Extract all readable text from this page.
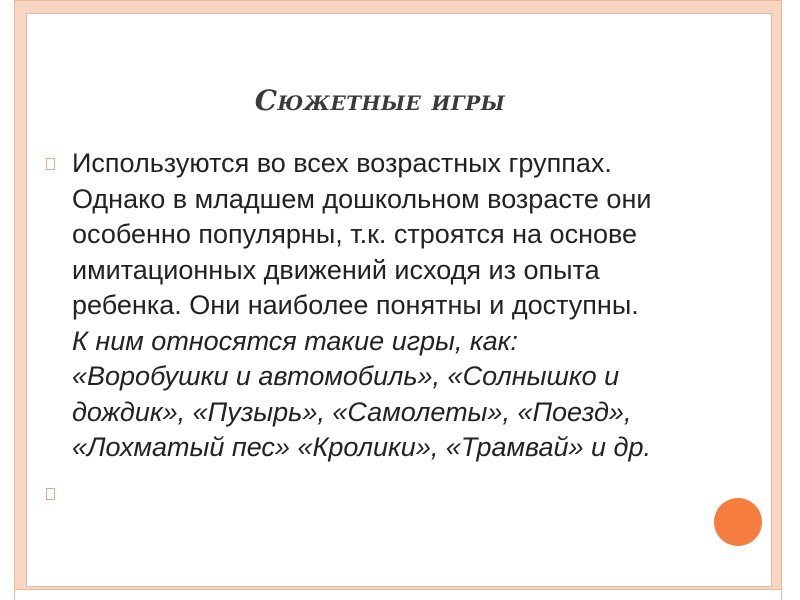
Сюжетные игры
Используются во всех возрастных группах.
Однако в младшем дошкольном возрасте они
особенно популярны, т.к. строятся на основе
имитационных движений исходя из опыта
ребенка. Они наиболее понятны и доступны.
К ним относятся такие игры, как:
«Воробушки и автомобиль», «Солнышко и
дождик», «Пузырь», «Самолеты», «Поезд»,
«Лохматый пес» «Кролики», «Трамвай» и др.
